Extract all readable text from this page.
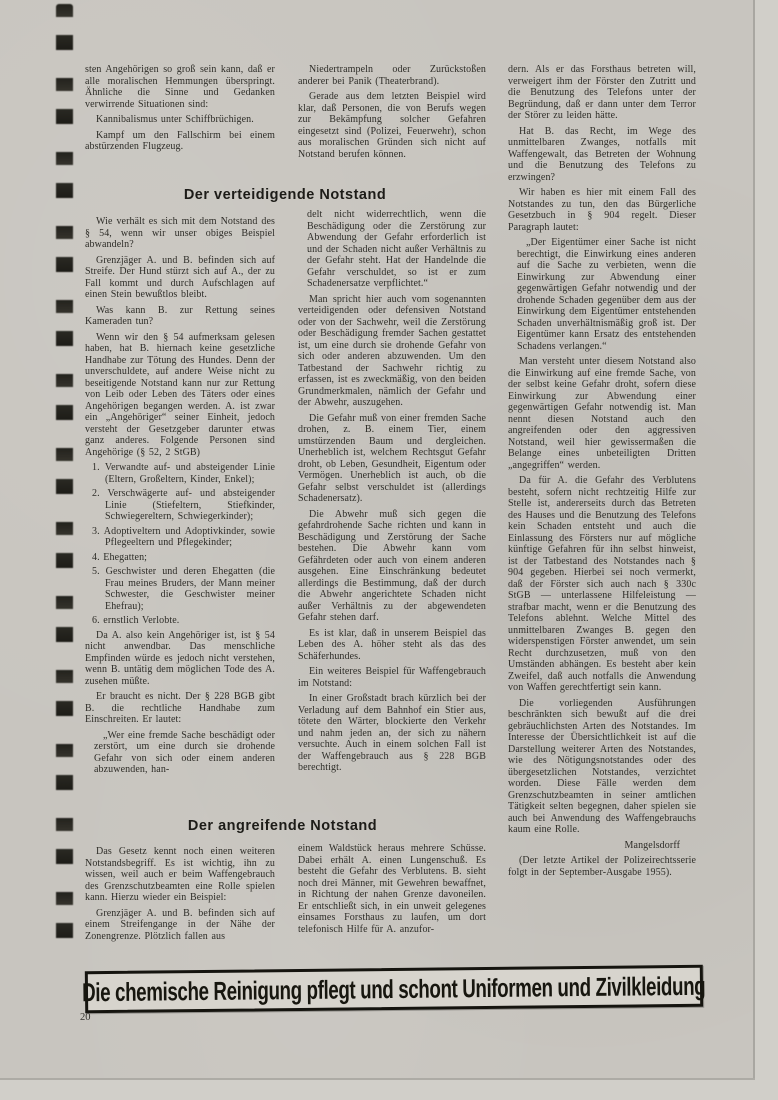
sten Angehörigen so groß sein kann, daß er alle moralischen Hemmungen überspringt. Ähnliche die Sinne und Gedanken verwirrende Situationen sind:

Kannibalismus unter Schiffbrüchigen.

Kampf um den Fallschirm bei einem abstürzenden Flugzeug.

Niedertrampeln oder Zurückstoßen anderer bei Panik (Theaterbrand).

Gerade aus dem letzten Beispiel wird klar, daß Personen, die von Berufs wegen zur Bekämpfung solcher Gefahren eingesetzt sind (Polizei, Feuerwehr), schon aus moralischen Gründen sich nicht auf Notstand berufen können.

Der verteidigende Notstand

Wie verhält es sich mit dem Notstand des § 54, wenn wir unser obiges Beispiel abwandeln?

Grenzjäger A. und B. befinden sich auf Streife. Der Hund stürzt sich auf A., der zu Fall kommt und durch Aufschlagen auf einen Stein bewußtlos bleibt.

Was kann B. zur Rettung seines Kameraden tun?

Wenn wir den § 54 aufmerksam gelesen haben, hat B. hiernach keine gesetzliche Handhabe zur Tötung des Hundes. Denn der unverschuldete, auf andere Weise nicht zu beseitigende Notstand kann nur zur Rettung von Leib oder Leben des Täters oder eines Angehörigen begangen werden. A. ist zwar ein „Angehöriger“ seiner Einheit, jedoch versteht der Gesetzgeber darunter etwas ganz anderes. Folgende Personen sind Angehörige (§ 52, 2 StGB)

1. Verwandte auf- und absteigender Linie (Eltern, Großeltern, Kinder, Enkel);

2. Verschwägerte auf- und absteigender Linie (Stiefeltern, Stiefkinder, Schwiegereltern, Schwiegerkinder);

3. Adoptiveltern und Adoptivkinder, sowie Pflegeeltern und Pflegekinder;

4. Ehegatten;

5. Geschwister und deren Ehegatten (die Frau meines Bruders, der Mann meiner Schwester, die Geschwister meiner Ehefrau);

6. ernstlich Verlobte.

Da A. also kein Angehöriger ist, ist § 54 nicht anwendbar. Das menschliche Empfinden würde es jedoch nicht verstehen, wenn B. untätig dem möglichen Tode des A. zusehen müßte.

Er braucht es nicht. Der § 228 BGB gibt B. die rechtliche Handhabe zum Einschreiten. Er lautet:

„Wer eine fremde Sache beschädigt oder zerstört, um eine durch sie drohende Gefahr von sich oder einem anderen abzuwenden, han-

delt nicht widerrechtlich, wenn die Beschädigung oder die Zerstörung zur Abwendung der Gefahr erforderlich ist und der Schaden nicht außer Verhältnis zu der Gefahr steht. Hat der Handelnde die Gefahr verschuldet, so ist er zum Schadenersatze verpflichtet.“

Man spricht hier auch vom sogenannten verteidigenden oder defensiven Notstand oder von der Sachwehr, weil die Zerstörung oder Beschädigung fremder Sachen gestattet ist, um eine durch sie drohende Gefahr von sich oder anderen abzuwenden. Um den Tatbestand der Sachwehr richtig zu erfassen, ist es zweckmäßig, von den beiden Grundmerkmalen, nämlich der Gefahr und der Abwehr, auszugehen.

Die Gefahr muß von einer fremden Sache drohen, z. B. einem Tier, einem umstürzenden Baum und dergleichen. Unerheblich ist, welchem Rechtsgut Gefahr droht, ob Leben, Gesundheit, Eigentum oder Vermögen. Unerheblich ist auch, ob die Gefahr selbst verschuldet ist (allerdings Schadenersatz).

Die Abwehr muß sich gegen die gefahrdrohende Sache richten und kann in Beschädigung und Zerstörung der Sache bestehen. Die Abwehr kann vom Gefährdeten oder auch von einem anderen ausgehen. Eine Einschränkung bedeutet allerdings die Bestimmung, daß der durch die Abwehr angerichtete Schaden nicht außer Verhältnis zu der abgewendeten Gefahr stehen darf.

Es ist klar, daß in unserem Beispiel das Leben des A. höher steht als das des Schäferhundes.

Ein weiteres Beispiel für Waffengebrauch im Notstand:

In einer Großstadt brach kürzlich bei der Verladung auf dem Bahnhof ein Stier aus, tötete den Wärter, blockierte den Verkehr und nahm jeden an, der sich zu nähern versuchte. Auch in einem solchen Fall ist der Waffengebrauch aus § 228 BGB berechtigt.

Der angreifende Notstand

Das Gesetz kennt noch einen weiteren Notstandsbegriff. Es ist wichtig, ihn zu wissen, weil auch er beim Waffengebrauch des Grenzschutzbeamten eine Rolle spielen kann. Hierzu wieder ein Beispiel:

Grenzjäger A. und B. befinden sich auf einem Streifengange in der Nähe der Zonengrenze. Plötzlich fallen aus

einem Waldstück heraus mehrere Schüsse. Dabei erhält A. einen Lungenschuß. Es besteht die Gefahr des Verblutens. B. sieht noch drei Männer, mit Gewehren bewaffnet, in Richtung der nahen Grenze davoneilen. Er entschließt sich, in ein unweit gelegenes einsames Forsthaus zu laufen, um dort telefonisch Hilfe für A. anzufor-

dern. Als er das Forsthaus betreten will, verweigert ihm der Förster den Zutritt und die Benutzung des Telefons unter der Begründung, daß er dann unter dem Terror der Störer zu leiden hätte.

Hat B. das Recht, im Wege des unmittelbaren Zwanges, notfalls mit Waffengewalt, das Betreten der Wohnung und die Benutzung des Telefons zu erzwingen?

Wir haben es hier mit einem Fall des Notstandes zu tun, den das Bürgerliche Gesetzbuch in § 904 regelt. Dieser Paragraph lautet:

„Der Eigentümer einer Sache ist nicht berechtigt, die Einwirkung eines anderen auf die Sache zu verbieten, wenn die Einwirkung zur Abwendung einer gegenwärtigen Gefahr notwendig und der drohende Schaden gegenüber dem aus der Einwirkung dem Eigentümer entstehenden Schaden unverhältnismäßig groß ist. Der Eigentümer kann Ersatz des entstehenden Schadens verlangen.“

Man versteht unter diesem Notstand also die Einwirkung auf eine fremde Sache, von der selbst keine Gefahr droht, sofern diese Einwirkung zur Abwendung einer gegenwärtigen Gefahr notwendig ist. Man nennt diesen Notstand auch den angreifenden oder den aggressiven Notstand, weil hier gewissermaßen die Belange eines unbeteiligten Dritten „angegriffen“ werden.

Da für A. die Gefahr des Verblutens besteht, sofern nicht rechtzeitig Hilfe zur Stelle ist, andererseits durch das Betreten des Hauses und die Benutzung des Telefons kein Schaden entsteht und auch die Einlassung des Försters nur auf mögliche künftige Gefahren für ihn selbst hinweist, ist der Tatbestand des Notstandes nach § 904 gegeben. Hierbei sei noch vermerkt, daß der Förster sich auch nach § 330c StGB — unterlassene Hilfeleistung — strafbar macht, wenn er die Benutzung des Telefons ablehnt. Welche Mittel des unmittelbaren Zwanges B. gegen den widerspenstigen Förster anwendet, um sein Recht durchzusetzen, muß von den Umständen abhängen. Es besteht aber kein Zweifel, daß auch notfalls die Anwendung von Waffen gerechtfertigt sein kann.

Die vorliegenden Ausführungen beschränkten sich bewußt auf die drei gebräuchlichsten Arten des Notstandes. Im Interesse der Übersichtlichkeit ist auf die Darstellung weiterer Arten des Notstandes, wie des Nötigungsnotstandes oder des übergesetzlichen Notstandes, verzichtet worden. Diese Fälle werden dem Grenzschutzbeamten in seiner amtlichen Tätigkeit selten begegnen, daher spielen sie auch bei Anwendung des Waffengebrauchs kaum eine Rolle.

Mangelsdorff

(Der letzte Artikel der Polizeirechtsserie folgt in der September-Ausgabe 1955).

Die chemische Reinigung pflegt und schont Uniformen und Zivilkleidung
20
